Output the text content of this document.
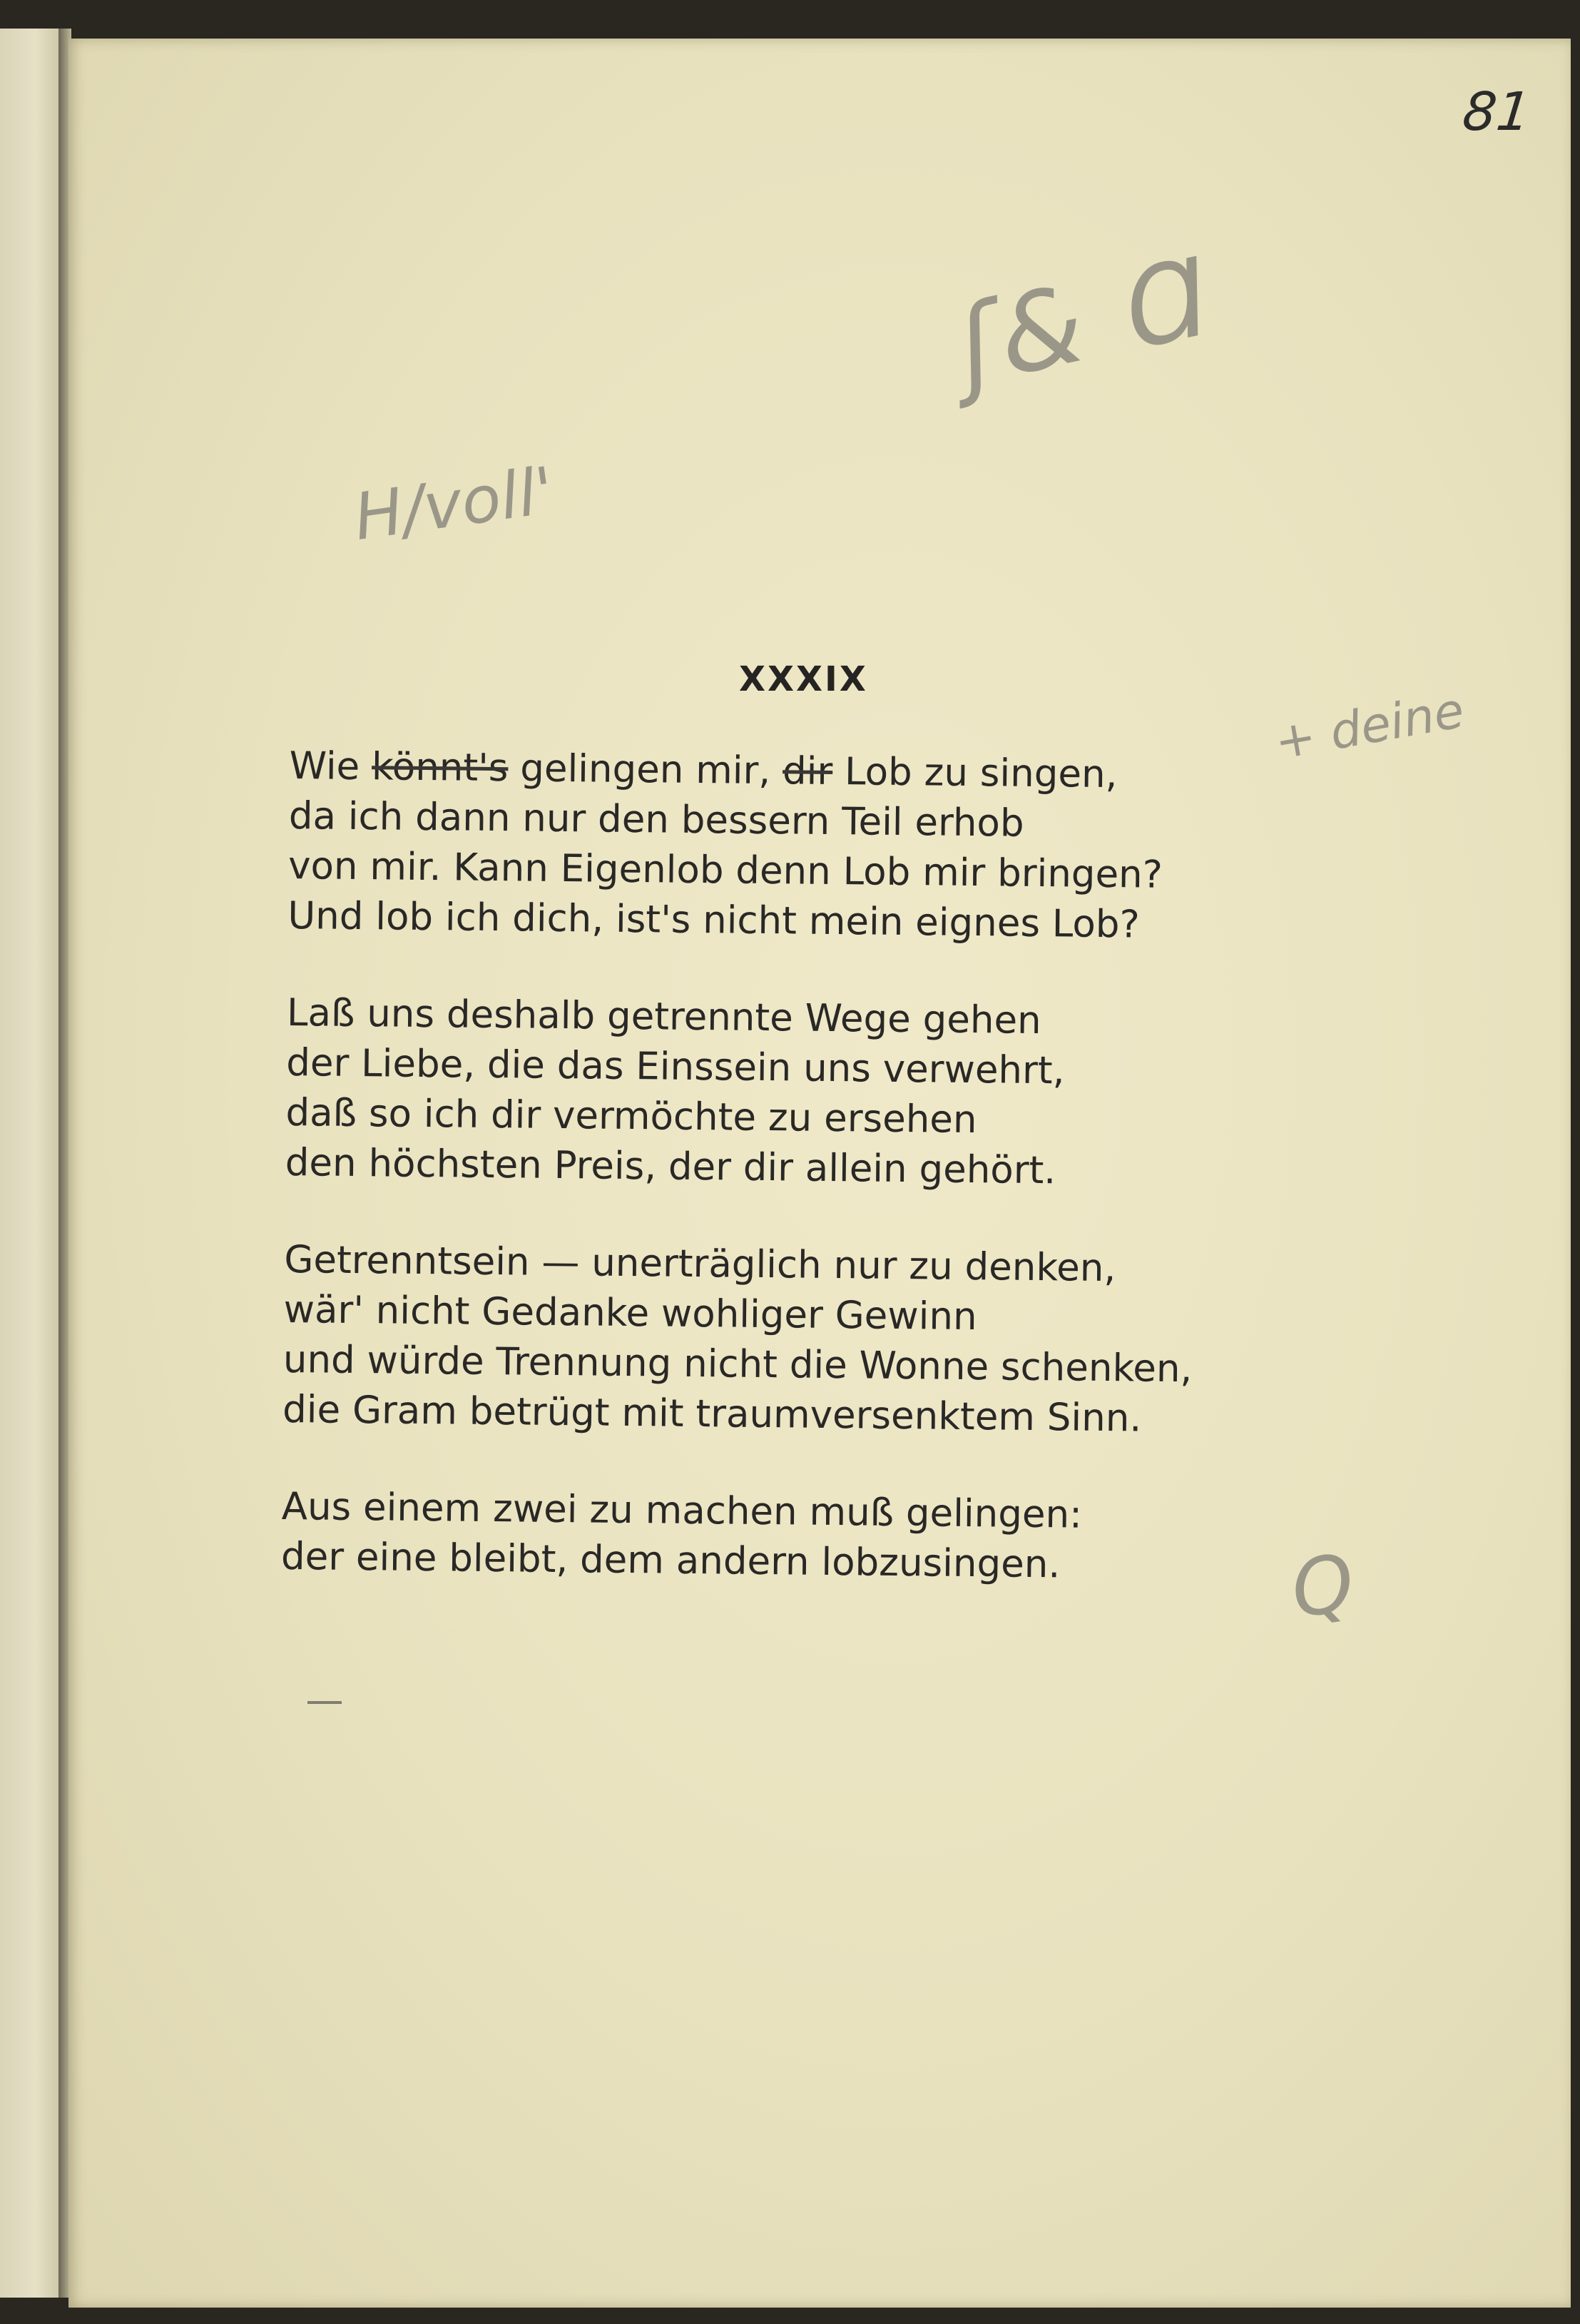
81
ʃ& Ɑ
H/voll'
+ deine
Q
XXXIX
Wie könnt's gelingen mir, dir Lob zu singen,
da ich dann nur den bessern Teil erhob
von mir. Kann Eigenlob denn Lob mir bringen?
Und lob ich dich, ist's nicht mein eignes Lob?
Laß uns deshalb getrennte Wege gehen
der Liebe, die das Einssein uns verwehrt,
daß so ich dir vermöchte zu ersehen
den höchsten Preis, der dir allein gehört.
Getrenntsein — unerträglich nur zu denken,
wär' nicht Gedanke wohliger Gewinn
und würde Trennung nicht die Wonne schenken,
die Gram betrügt mit traumversenktem Sinn.
Aus einem zwei zu machen muß gelingen:
der eine bleibt, dem andern lobzusingen.
